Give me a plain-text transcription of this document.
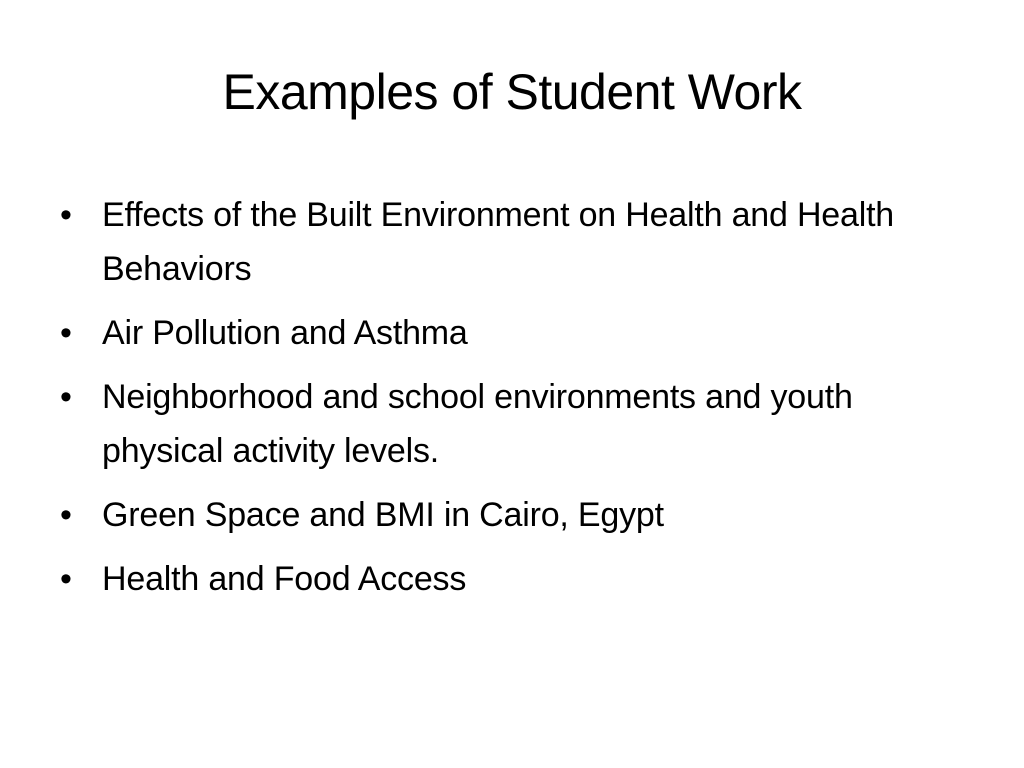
Examples of Student Work
• Effects of the Built Environment on Health and Health Behaviors
• Air Pollution and Asthma
• Neighborhood and school environments and youth physical activity levels.
• Green Space and BMI in Cairo, Egypt
• Health and Food Access
